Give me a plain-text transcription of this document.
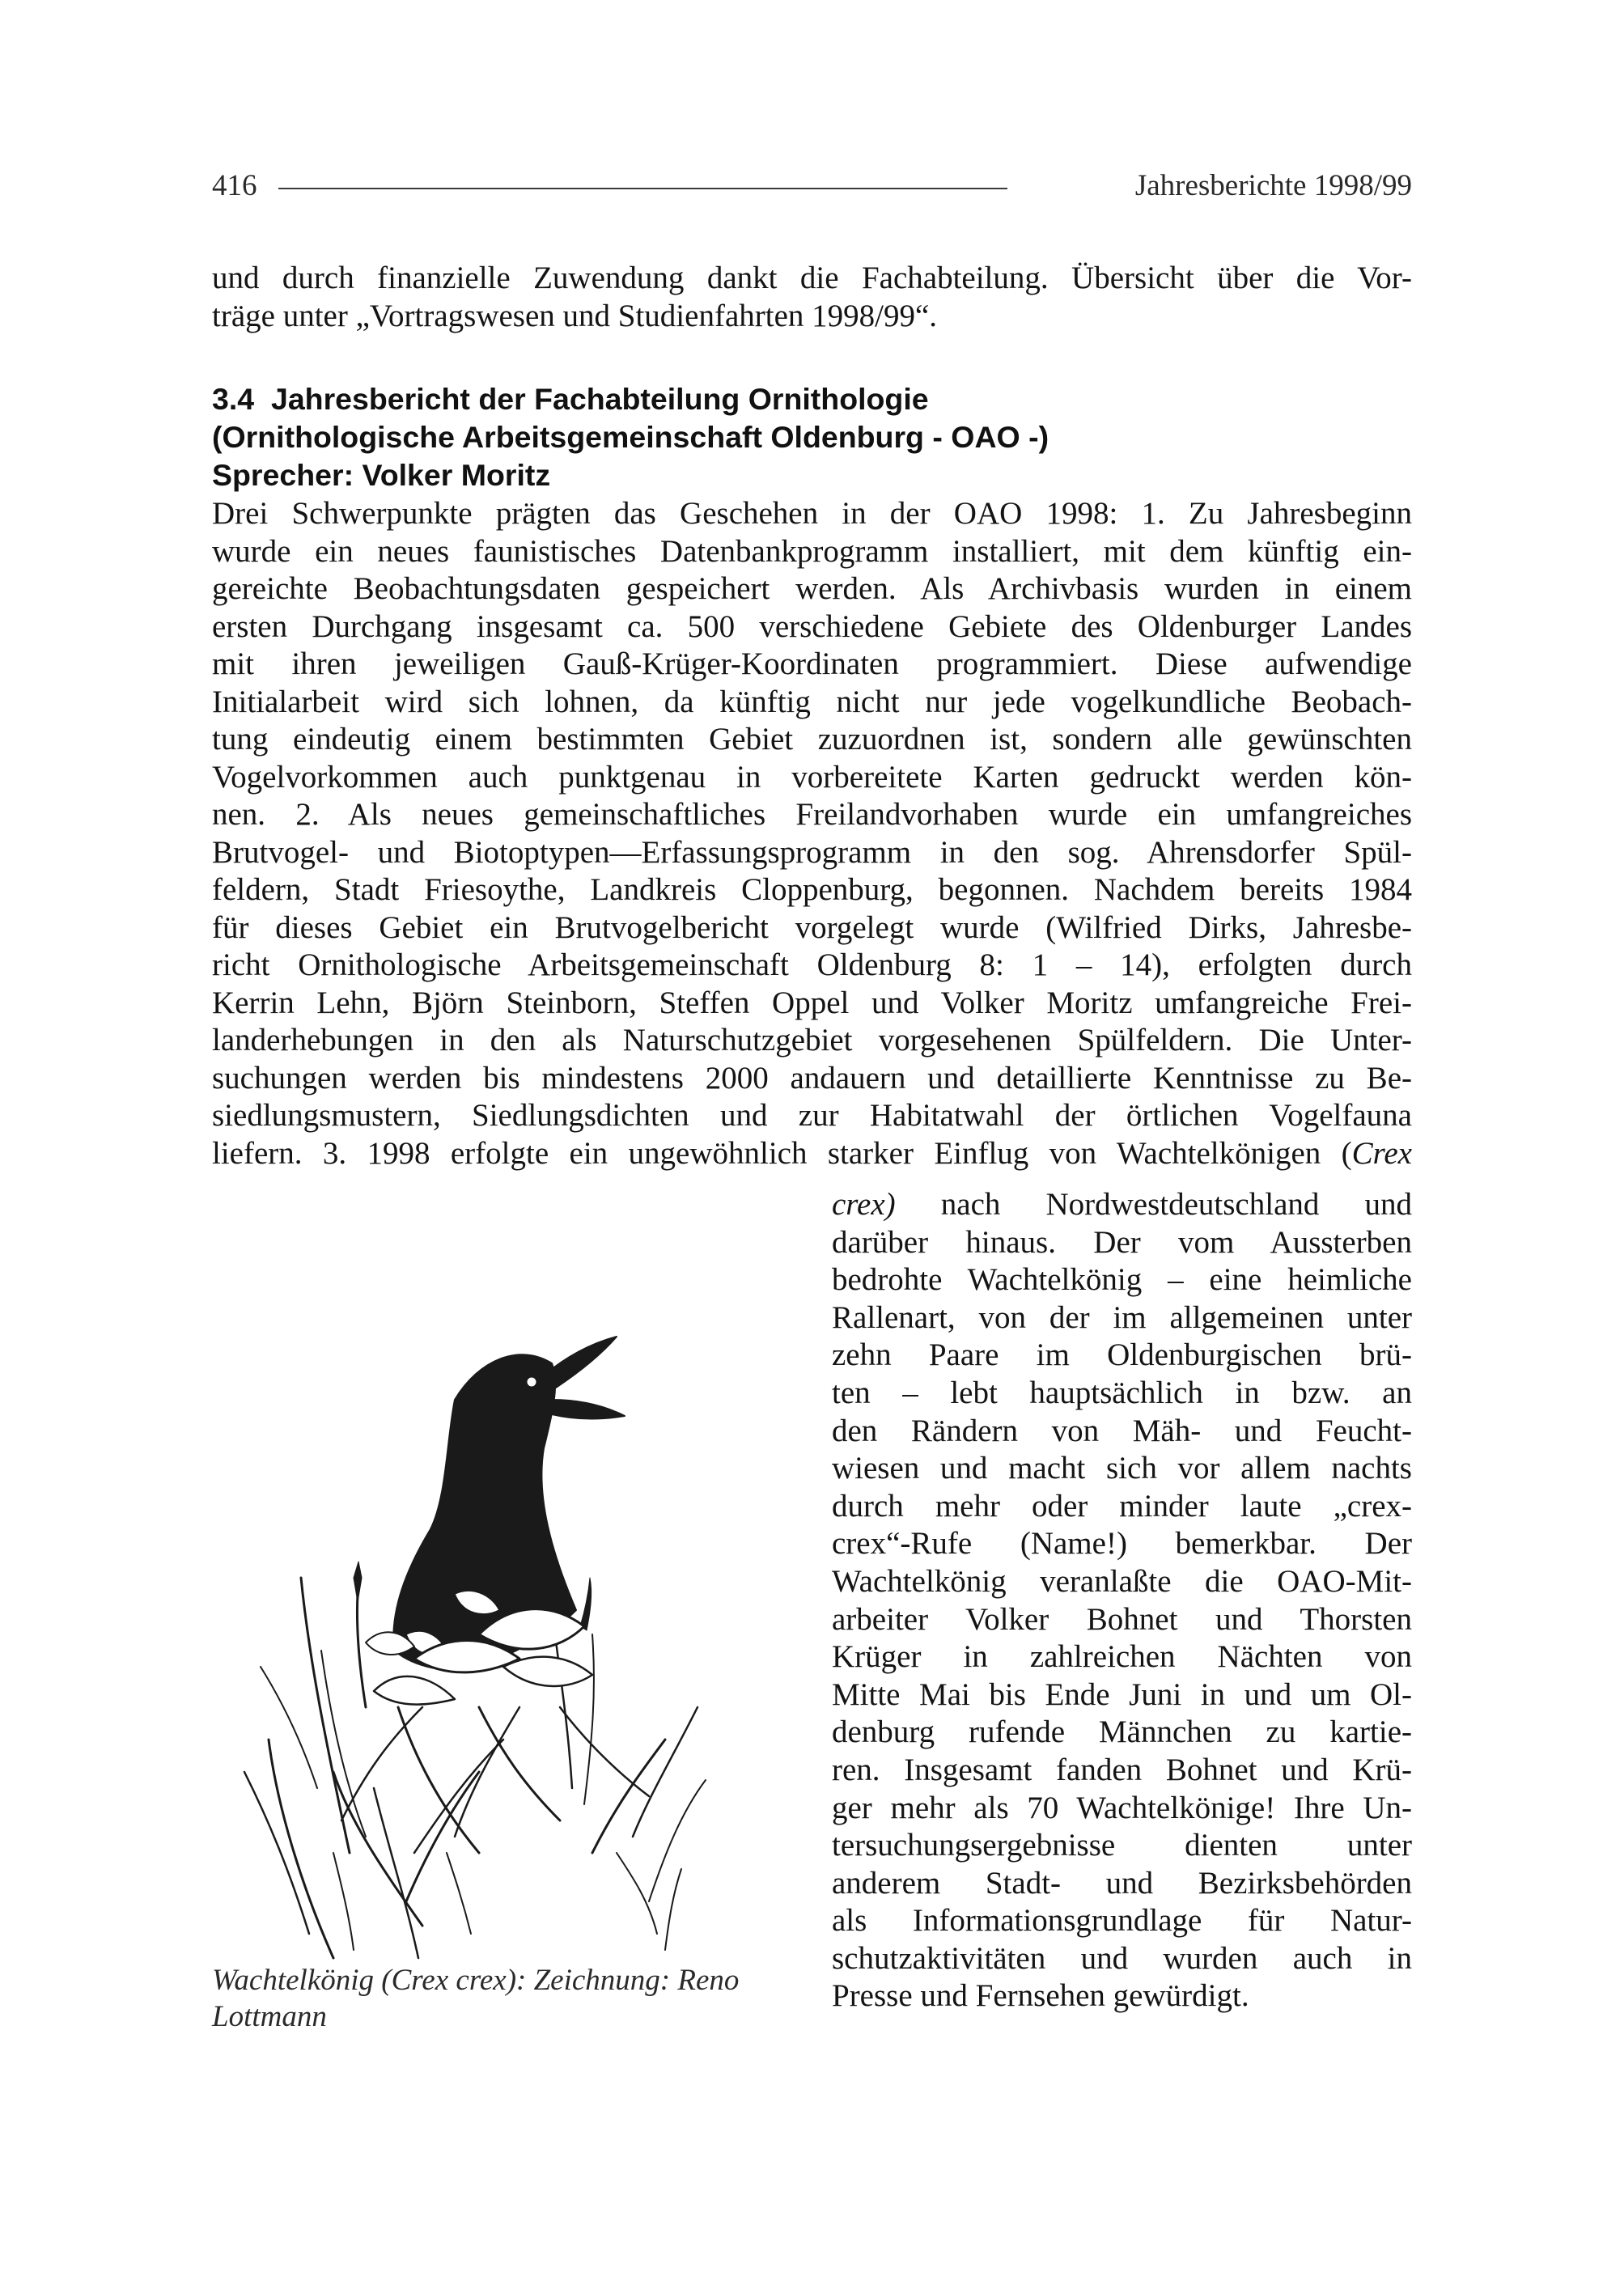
416	Jahresberichte 1998/99
und durch finanzielle Zuwendung dankt die Fachabteilung. Übersicht über die Vor-
träge unter „Vortragswesen und Studienfahrten 1998/99“.
3.4  Jahresbericht der Fachabteilung Ornithologie
(Ornithologische Arbeitsgemeinschaft Oldenburg - OAO -)
Sprecher: Volker Moritz
Drei Schwerpunkte prägten das Geschehen in der OAO 1998: 1. Zu Jahresbeginn
wurde ein neues faunistisches Datenbankprogramm installiert, mit dem künftig ein-
gereichte Beobachtungsdaten gespeichert werden. Als Archivbasis wurden in einem
ersten Durchgang insgesamt ca. 500 verschiedene Gebiete des Oldenburger Landes
mit ihren jeweiligen Gauß-Krüger-Koordinaten programmiert. Diese aufwendige
Initialarbeit wird sich lohnen, da künftig nicht nur jede vogelkundliche Beobach-
tung eindeutig einem bestimmten Gebiet zuzuordnen ist, sondern alle gewünschten
Vogelvorkommen auch punktgenau in vorbereitete Karten gedruckt werden kön-
nen. 2. Als neues gemeinschaftliches Freilandvorhaben wurde ein umfangreiches
Brutvogel- und Biotoptypen—Erfassungsprogramm in den sog. Ahrensdorfer Spül-
feldern, Stadt Friesoythe, Landkreis Cloppenburg, begonnen. Nachdem bereits 1984
für dieses Gebiet ein Brutvogelbericht vorgelegt wurde (Wilfried Dirks, Jahresbe-
richt Ornithologische Arbeitsgemeinschaft Oldenburg 8: 1 – 14), erfolgten durch
Kerrin Lehn, Björn Steinborn, Steffen Oppel und Volker Moritz umfangreiche Frei-
landerhebungen in den als Naturschutzgebiet vorgesehenen Spülfeldern. Die Unter-
suchungen werden bis mindestens 2000 andauern und detaillierte Kenntnisse zu Be-
siedlungsmustern, Siedlungsdichten und zur Habitatwahl der örtlichen Vogelfauna
liefern. 3. 1998 erfolgte ein ungewöhnlich starker Einflug von Wachtelkönigen (Crex
crex) nach Nordwestdeutschland und
darüber hinaus. Der vom Aussterben
bedrohte Wachtelkönig – eine heimliche
Rallenart, von der im allgemeinen unter
zehn Paare im Oldenburgischen brü-
ten – lebt hauptsächlich in bzw. an
den Rändern von Mäh- und Feucht-
wiesen und macht sich vor allem nachts
durch mehr oder minder laute „crex-
crex“-Rufe (Name!) bemerkbar. Der
Wachtelkönig veranlaßte die OAO-Mit-
arbeiter Volker Bohnet und Thorsten
Krüger in zahlreichen Nächten von
Mitte Mai bis Ende Juni in und um Ol-
denburg rufende Männchen zu kartie-
ren. Insgesamt fanden Bohnet und Krü-
ger mehr als 70 Wachtelkönige! Ihre Un-
tersuchungsergebnisse dienten unter
anderem Stadt- und Bezirksbehörden
als Informationsgrundlage für Natur-
schutzaktivitäten und wurden auch in
Presse und Fernsehen gewürdigt.
Wachtelkönig (Crex crex): Zeichnung: Reno
Lottmann
